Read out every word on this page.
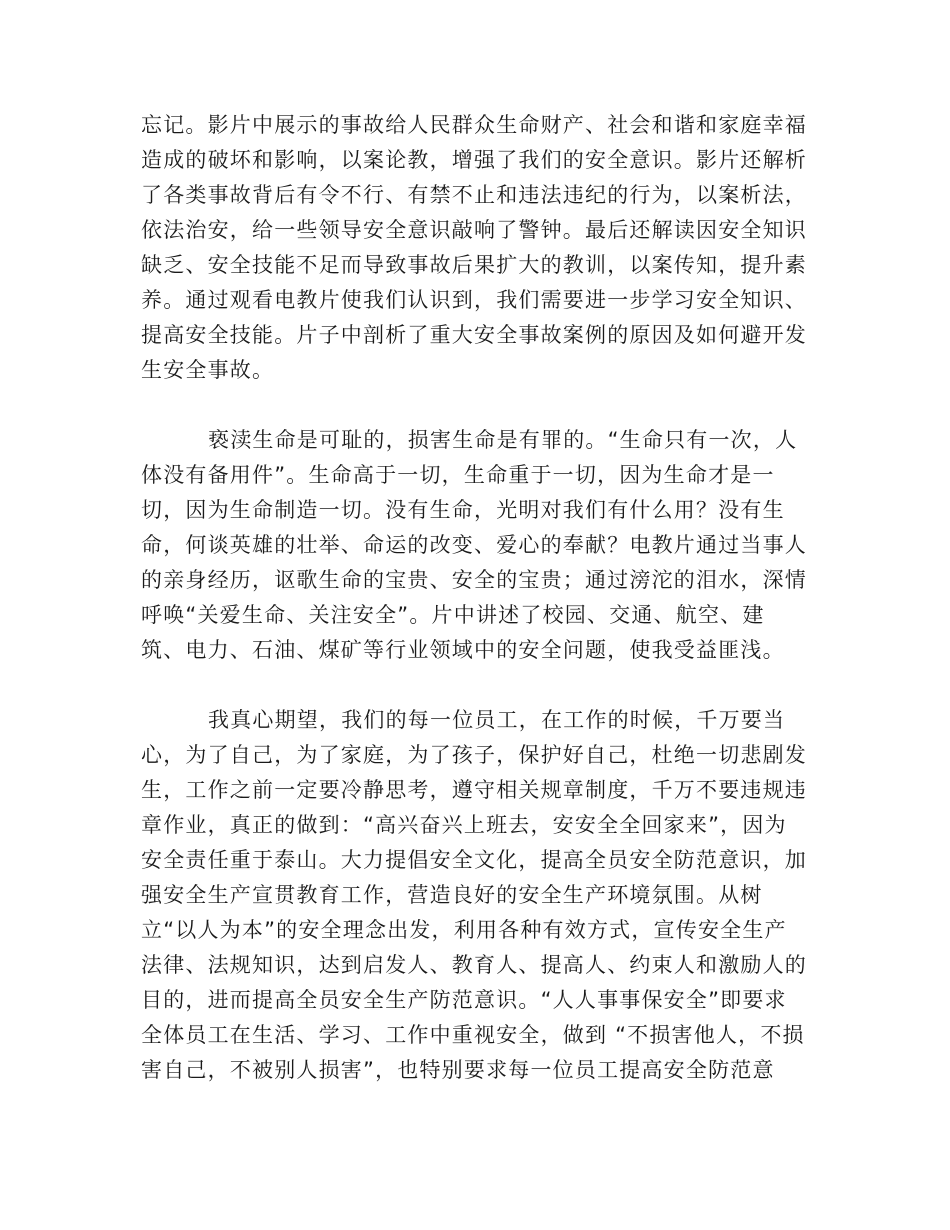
忘记。影片中展示的事故给人民群众生命财产、社会和谐和家庭幸福
造成的破坏和影响，以案论教，增强了我们的安全意识。影片还解析
了各类事故背后有令不行、有禁不止和违法违纪的行为，以案析法，
依法治安，给一些领导安全意识敲响了警钟。最后还解读因安全知识
缺乏、安全技能不足而导致事故后果扩大的教训，以案传知，提升素
养。通过观看电教片使我们认识到，我们需要进一步学习安全知识、
提高安全技能。片子中剖析了重大安全事故案例的原因及如何避开发
生安全事故。
亵渎生命是可耻的，损害生命是有罪的。“生命只有一次，人
体没有备用件”。生命高于一切，生命重于一切，因为生命才是一
切，因为生命制造一切。没有生命，光明对我们有什么用？没有生
命，何谈英雄的壮举、命运的改变、爱心的奉献？电教片通过当事人
的亲身经历，讴歌生命的宝贵、安全的宝贵；通过滂沱的泪水，深情
呼唤“关爱生命、关注安全”。片中讲述了校园、交通、航空、建
筑、电力、石油、煤矿等行业领域中的安全问题，使我受益匪浅。
我真心期望，我们的每一位员工，在工作的时候，千万要当
心，为了自己，为了家庭，为了孩子，保护好自己，杜绝一切悲剧发
生，工作之前一定要冷静思考，遵守相关规章制度，千万不要违规违
章作业，真正的做到：“高兴奋兴上班去，安安全全回家来”，因为
安全责任重于泰山。大力提倡安全文化，提高全员安全防范意识，加
强安全生产宣贯教育工作，营造良好的安全生产环境氛围。从树
立“以人为本”的安全理念出发，利用各种有效方式，宣传安全生产
法律、法规知识，达到启发人、教育人、提高人、约束人和激励人的
目的，进而提高全员安全生产防范意识。“人人事事保安全”即要求
全体员工在生活、学习、工作中重视安全，做到 “不损害他人，不损
害自己，不被别人损害”，也特别要求每一位员工提高安全防范意
